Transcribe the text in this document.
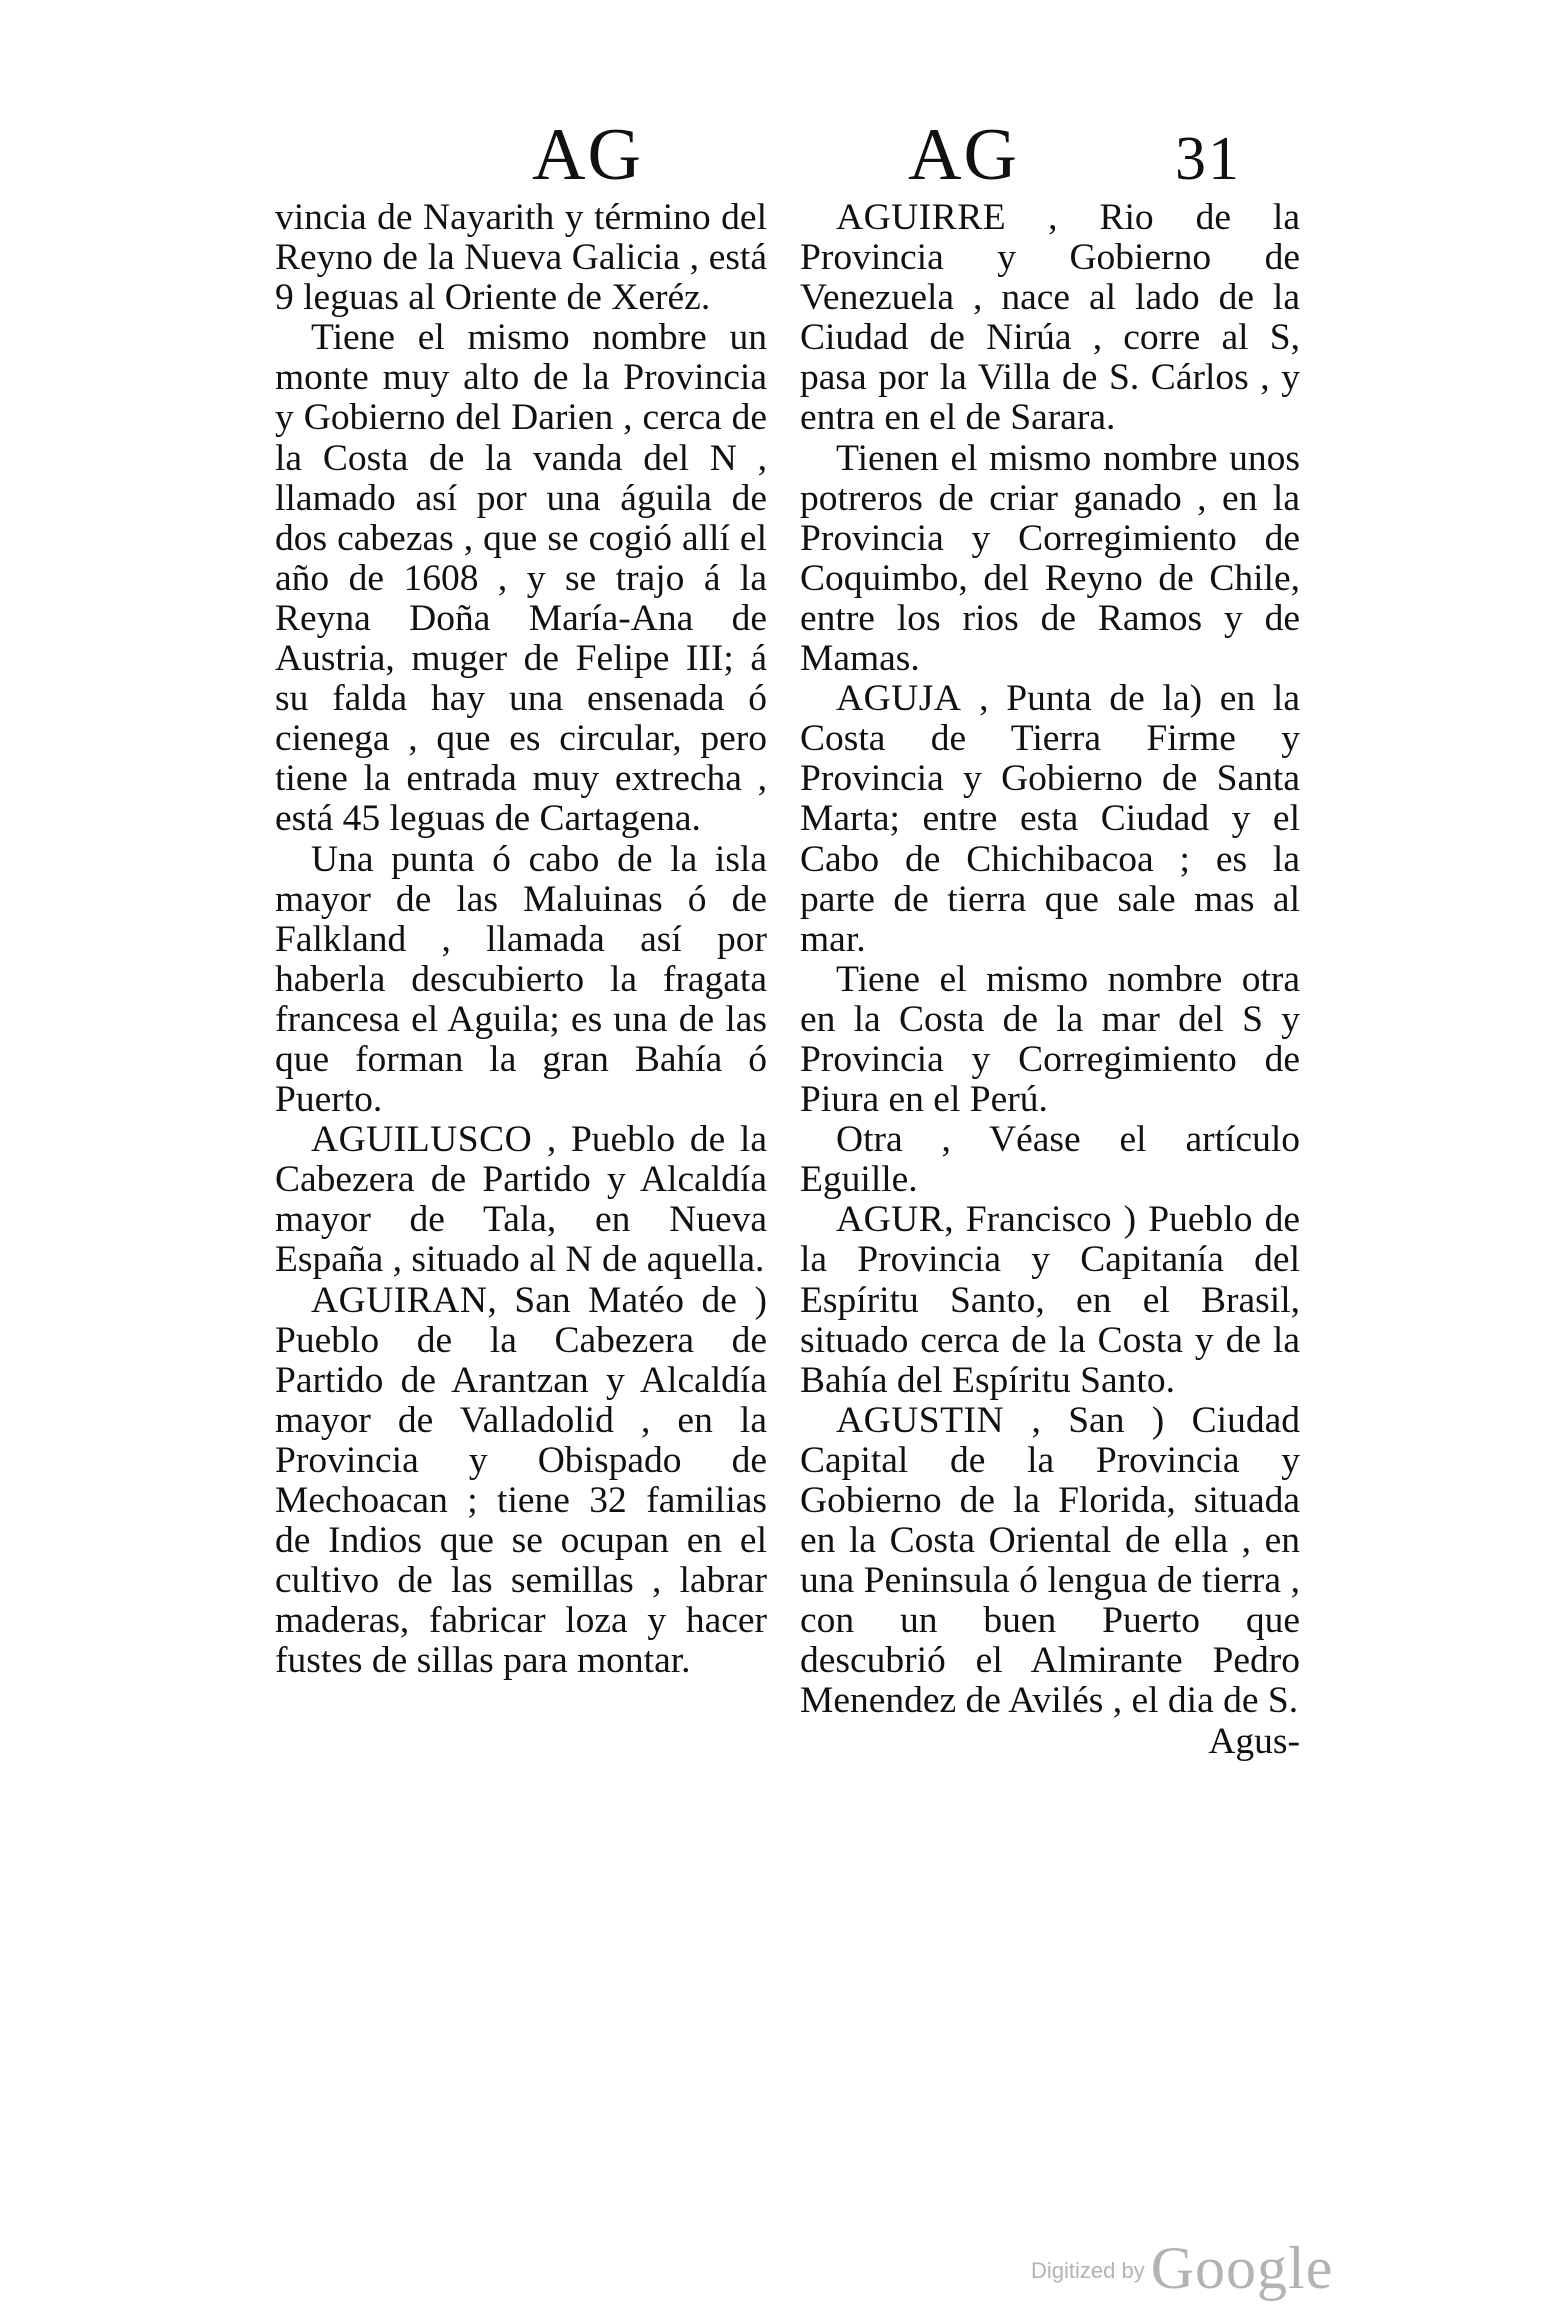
AG	AG	31

vincia de Nayarith y término del Reyno de la Nueva Galicia , está 9 leguas al Oriente de Xeréz.

Tiene el mismo nombre un monte muy alto de la Provincia y Gobierno del Darien , cerca de la Costa de la vanda del N , llamado así por una águila de dos cabezas , que se cogió allí el año de 1608 , y se trajo á la Reyna Doña María-Ana de Austria, muger de Felipe III; á su falda hay una ensenada ó cienega , que es circular, pero tiene la entrada muy extrecha , está 45 leguas de Cartagena.

Una punta ó cabo de la isla mayor de las Maluinas ó de Falkland , llamada así por haberla descubierto la fragata francesa el Aguila; es una de las que forman la gran Bahía ó Puerto.

AGUILUSCO , Pueblo de la Cabezera de Partido y Alcaldía mayor de Tala, en Nueva España , situado al N de aquella.

AGUIRAN, San Matéo de ) Pueblo de la Cabezera de Partido de Arantzan y Alcaldía mayor de Valladolid , en la Provincia y Obispado de Mechoacan ; tiene 32 familias de Indios que se ocupan en el cultivo de las semillas , labrar maderas, fabricar loza y hacer fustes de sillas para montar.

AGUIRRE , Rio de la Provincia y Gobierno de Venezuela , nace al lado de la Ciudad de Nirúa , corre al S, pasa por la Villa de S. Cárlos , y entra en el de Sarara.

Tienen el mismo nombre unos potreros de criar ganado , en la Provincia y Corregimiento de Coquimbo, del Reyno de Chile, entre los rios de Ramos y de Mamas.

AGUJA , Punta de la) en la Costa de Tierra Firme y Provincia y Gobierno de Santa Marta; entre esta Ciudad y el Cabo de Chichibacoa ; es la parte de tierra que sale mas al mar.

Tiene el mismo nombre otra en la Costa de la mar del S y Provincia y Corregimiento de Piura en el Perú.

Otra , Véase el artículo Eguille.

AGUR, Francisco ) Pueblo de la Provincia y Capitanía del Espíritu Santo, en el Brasil, situado cerca de la Costa y de la Bahía del Espíritu Santo.

AGUSTIN , San ) Ciudad Capital de la Provincia y Gobierno de la Florida, situada en la Costa Oriental de ella , en una Peninsula ó lengua de tierra , con un buen Puerto que descubrió el Almirante Pedro Menendez de Avilés , el dia de S.

Agus-

Digitized by Google
